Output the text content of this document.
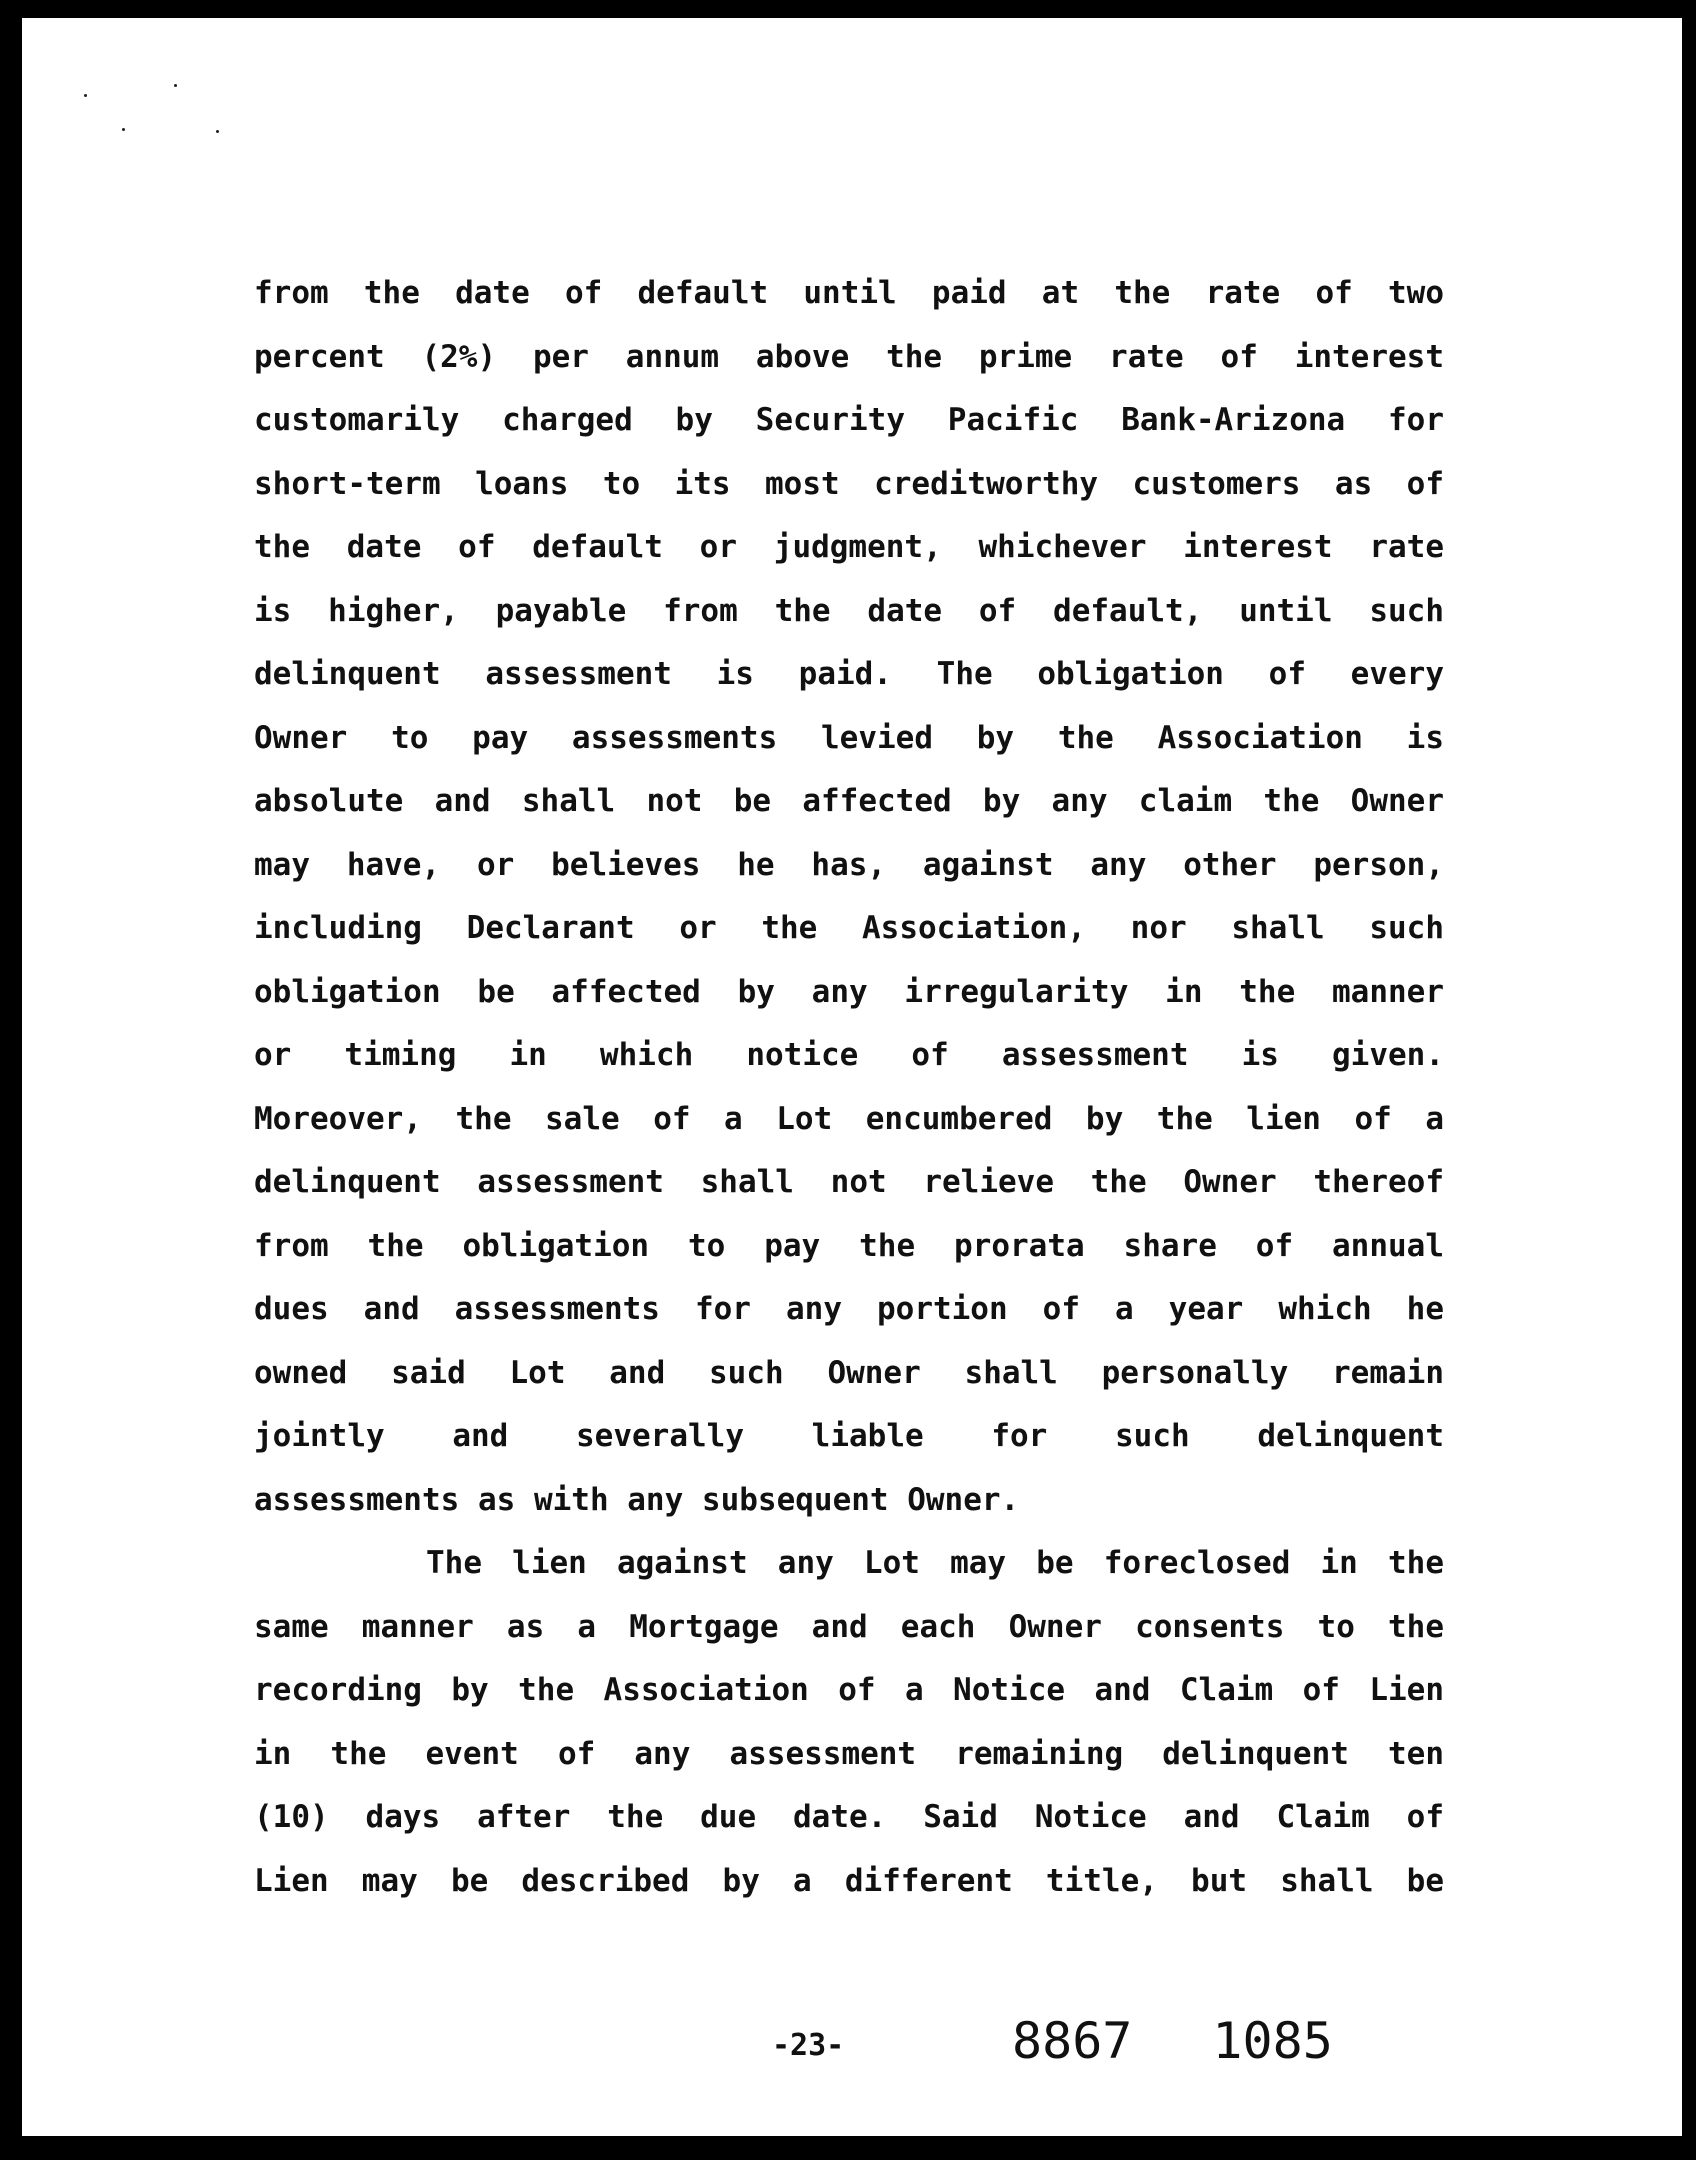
from the date of default until paid at the rate of two
percent (2%) per annum above the prime rate of interest
customarily charged by Security Pacific Bank-Arizona for
short-term loans to its most creditworthy customers as of
the date of default or judgment, whichever interest rate
is higher, payable from the date of default, until such
delinquent assessment is paid. The obligation of every
Owner to pay assessments levied by the Association is
absolute and shall not be affected by any claim the Owner
may have, or believes he has, against any other person,
including Declarant or the Association, nor shall such
obligation be affected by any irregularity in the manner
or timing in which notice of assessment is given.
Moreover, the sale of a Lot encumbered by the lien of a
delinquent assessment shall not relieve the Owner thereof
from the obligation to pay the prorata share of annual
dues and assessments for any portion of a year which he
owned said Lot and such Owner shall personally remain
jointly and severally liable for such delinquent
assessments as with any subsequent Owner.

The lien against any Lot may be foreclosed in the
same manner as a Mortgage and each Owner consents to the
recording by the Association of a Notice and Claim of Lien
in the event of any assessment remaining delinquent ten
(10) days after the due date. Said Notice and Claim of
Lien may be described by a different title, but shall be

-23-	8867 1085
